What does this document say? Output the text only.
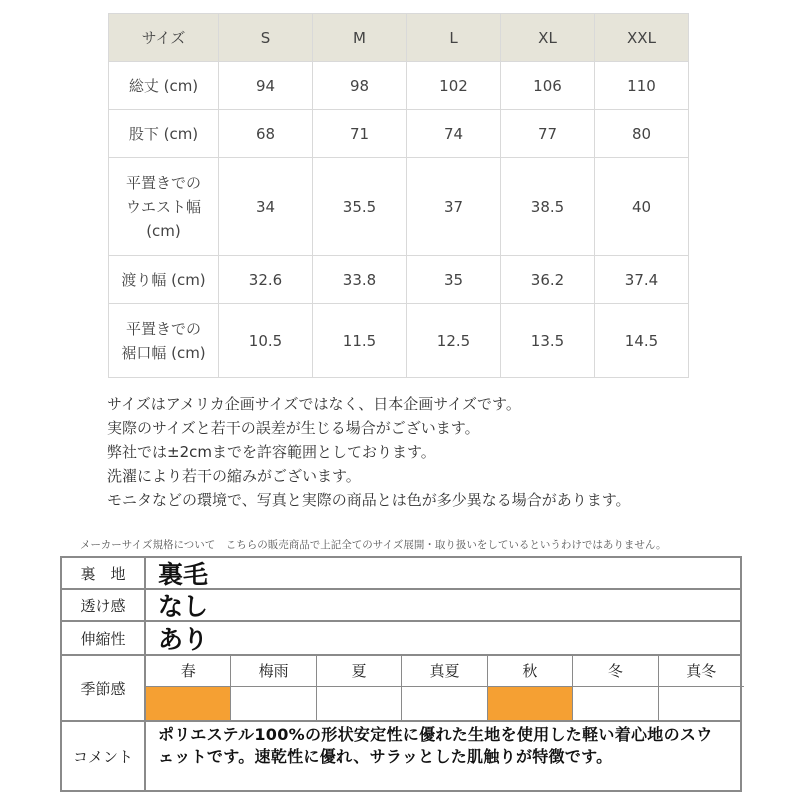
サイズ	S	M	L	XL	XXL
総丈 (cm)	94	98	102	106	110
股下 (cm)	68	71	74	77	80

平置きでの
ウエスト幅
(cm)	34	35.5	37	38.5	40
渡り幅 (cm)	32.6	33.8	35	36.2	37.4

平置きでの
裾口幅 (cm)	10.5	11.5	12.5	13.5	14.5
サイズはアメリカ企画サイズではなく、日本企画サイズです。
実際のサイズと若干の誤差が生じる場合がございます。
弊社では±2cmまでを許容範囲としております。
洗濯により若干の縮みがございます。
モニタなどの環境で、写真と実際の商品とは色が多少異なる場合があります。
メーカーサイズ規格について　こちらの販売商品で上記全てのサイズ展開・取り扱いをしているというわけではありません。
裏　地	裏毛
透け感	なし
伸縮性	あり
季節感
春	梅雨	夏	真夏	秋	冬	真冬
コメント
ポリエステル100%の形状安定性に優れた生地を使用した軽い着心地のスウェットです。速乾性に優れ、サラッとした肌触りが特徴です。
